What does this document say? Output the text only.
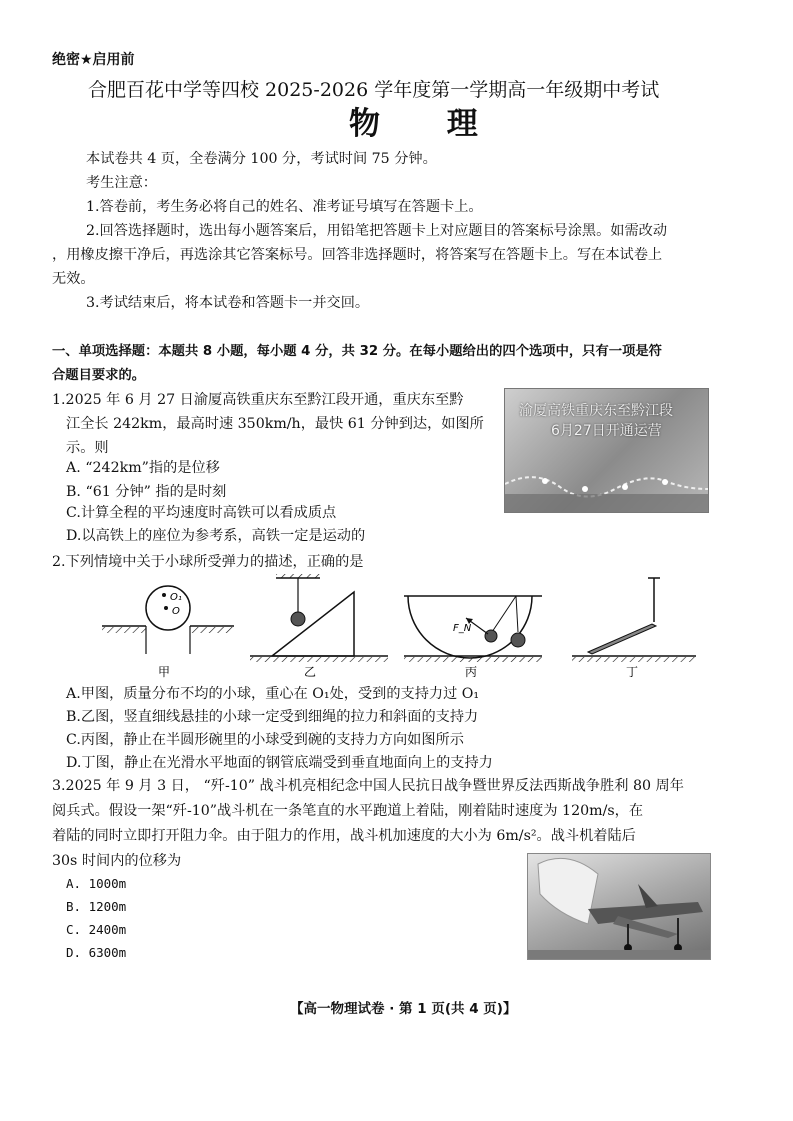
绝密★启用前
合肥百花中学等四校 2025-2026 学年度第一学期高一年级期中考试
物 理
本试卷共 4 页，全卷满分 100 分，考试时间 75 分钟。
考生注意：
1.答卷前，考生务必将自己的姓名、准考证号填写在答题卡上。
2.回答选择题时，选出每小题答案后，用铅笔把答题卡上对应题目的答案标号涂黑。如需改动
，用橡皮擦干净后，再选涂其它答案标号。回答非选择题时，将答案写在答题卡上。写在本试卷上
无效。
3.考试结束后，将本试卷和答题卡一并交回。
一、单项选择题：本题共 8 小题，每小题 4 分，共 32 分。在每小题给出的四个选项中，只有一项是符
合题目要求的。
1.2025 年 6 月 27 日渝厦高铁重庆东至黔江段开通，重庆东至黔
江全长 242km，最高时速 350km/h，最快 61 分钟到达，如图所
示。则
A. “242km”指的是位移
B. “61 分钟” 指的是时刻
C.计算全程的平均速度时高铁可以看成质点
D.以高铁上的座位为参考系，高铁一定是运动的
渝厦高铁重庆东至黔江段
6月27日开通运营
2.下列情境中关于小球所受弹力的描述，正确的是
O₁
O
甲	乙
F_N
丙	丁
A.甲图，质量分布不均的小球，重心在 O₁处，受到的支持力过 O₁
B.乙图，竖直细线悬挂的小球一定受到细绳的拉力和斜面的支持力
C.丙图，静止在半圆形碗里的小球受到碗的支持力方向如图所示
D.丁图，静止在光滑水平地面的钢管底端受到垂直地面向上的支持力
3.2025 年 9 月 3 日， “歼-10” 战斗机亮相纪念中国人民抗日战争暨世界反法西斯战争胜利 80 周年
阅兵式。假设一架“歼-10”战斗机在一条笔直的水平跑道上着陆，刚着陆时速度为 120m/s，在
着陆的同时立即打开阻力伞。由于阻力的作用，战斗机加速度的大小为 6m/s²。战斗机着陆后
30s 时间内的位移为
A. 1000m
B. 1200m
C. 2400m
D. 6300m
【高一物理试卷 · 第 1 页(共 4 页)】
